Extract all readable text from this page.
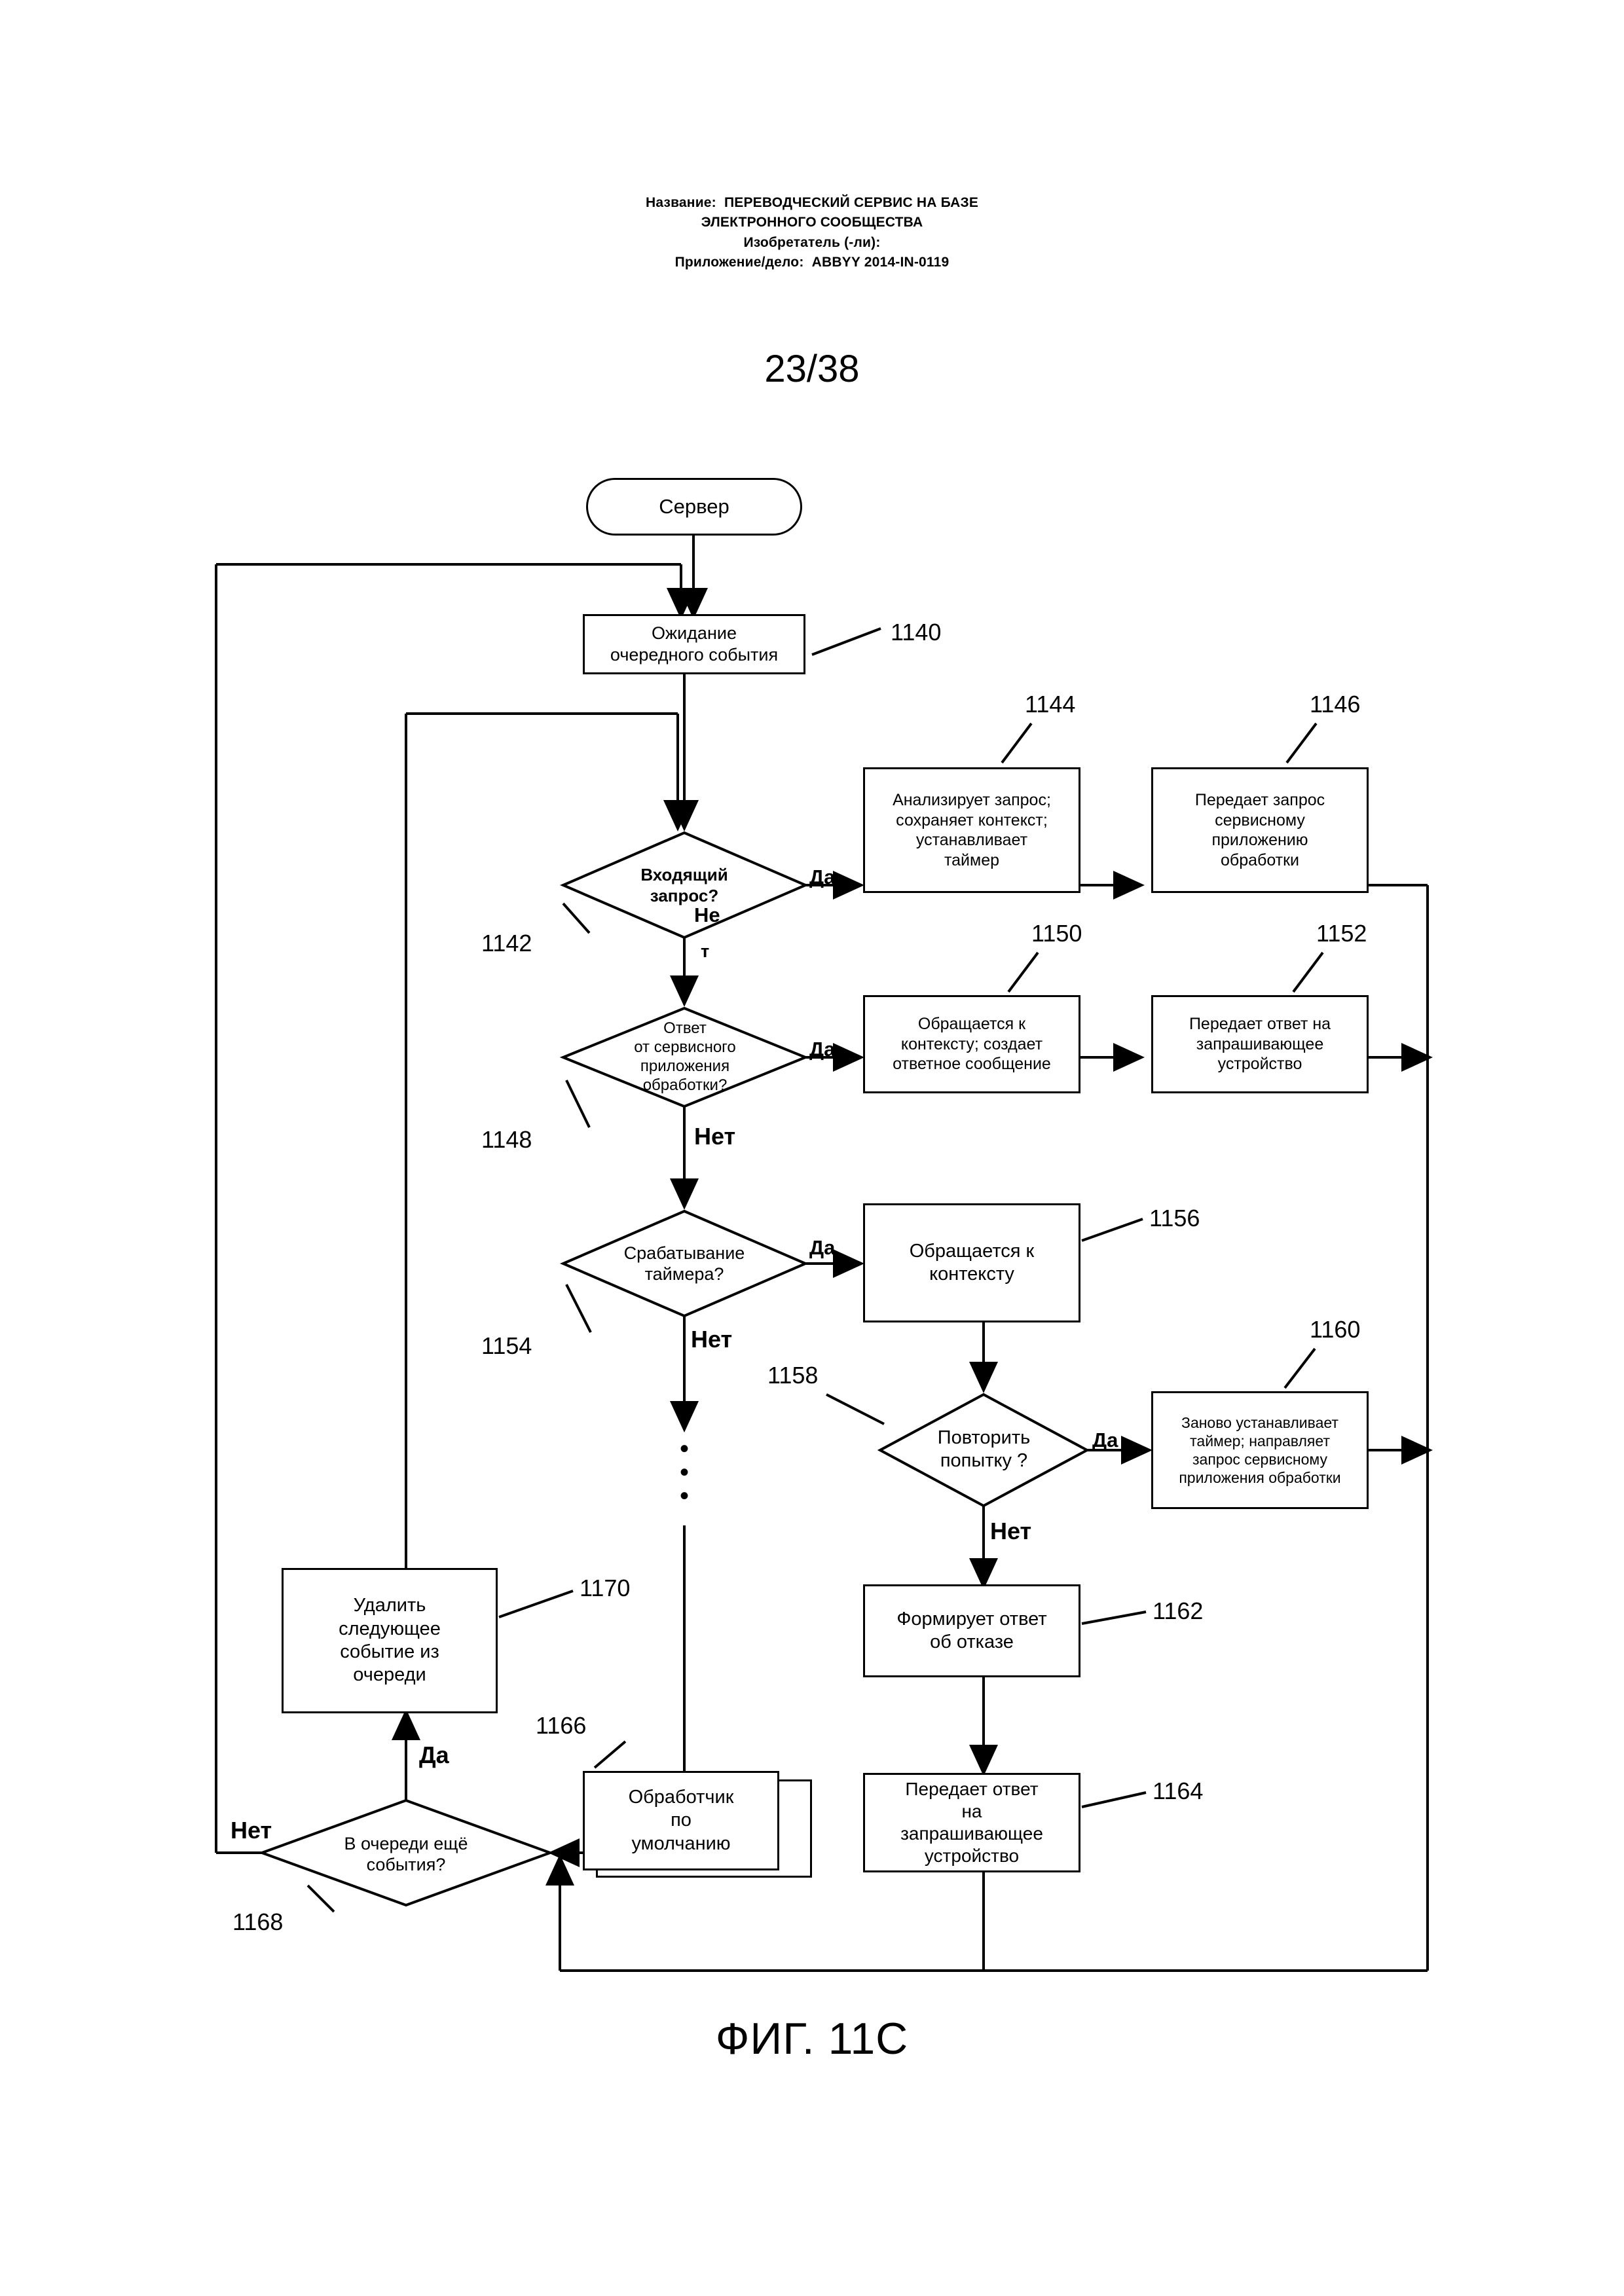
Название:  ПЕРЕВОДЧЕСКИЙ СЕРВИС НА БАЗЕ
ЭЛЕКТРОННОГО СООБЩЕСТВА
Изобретатель (-ли):
Приложение/дело:  ABBYY 2014-IN-0119
23/38
Сервер
Ожидание
очередного события
1140
Входящий
запрос?
1142
Да
Не
т
Анализирует запрос;
сохраняет контекст;
устанавливает
таймер
1144
Передает запрос
сервисному
приложению
обработки
1146
Ответ
от сервисного
приложения
обработки?
1148
Да
Нет
Обращается к
контексту; создает
ответное сообщение
1150
Передает ответ на
запрашивающее
устройство
1152
Срабатывание
таймера?
1154
Да
Нет
Обращается к
контексту
1156
Повторить
попытку ?
1158
Да
Нет
Заново устанавливает
таймер; направляет
запрос сервисному
приложения обработки
1160
Формирует ответ
об отказе
1162
Передает ответ
на
запрашивающее
устройство
1164
Обработчик
по
умолчанию
1166
В очереди ещё
события?
1168
Да
Нет
Удалить
следующее
событие из
очереди
1170
•
•
•
ФИГ. 11C
